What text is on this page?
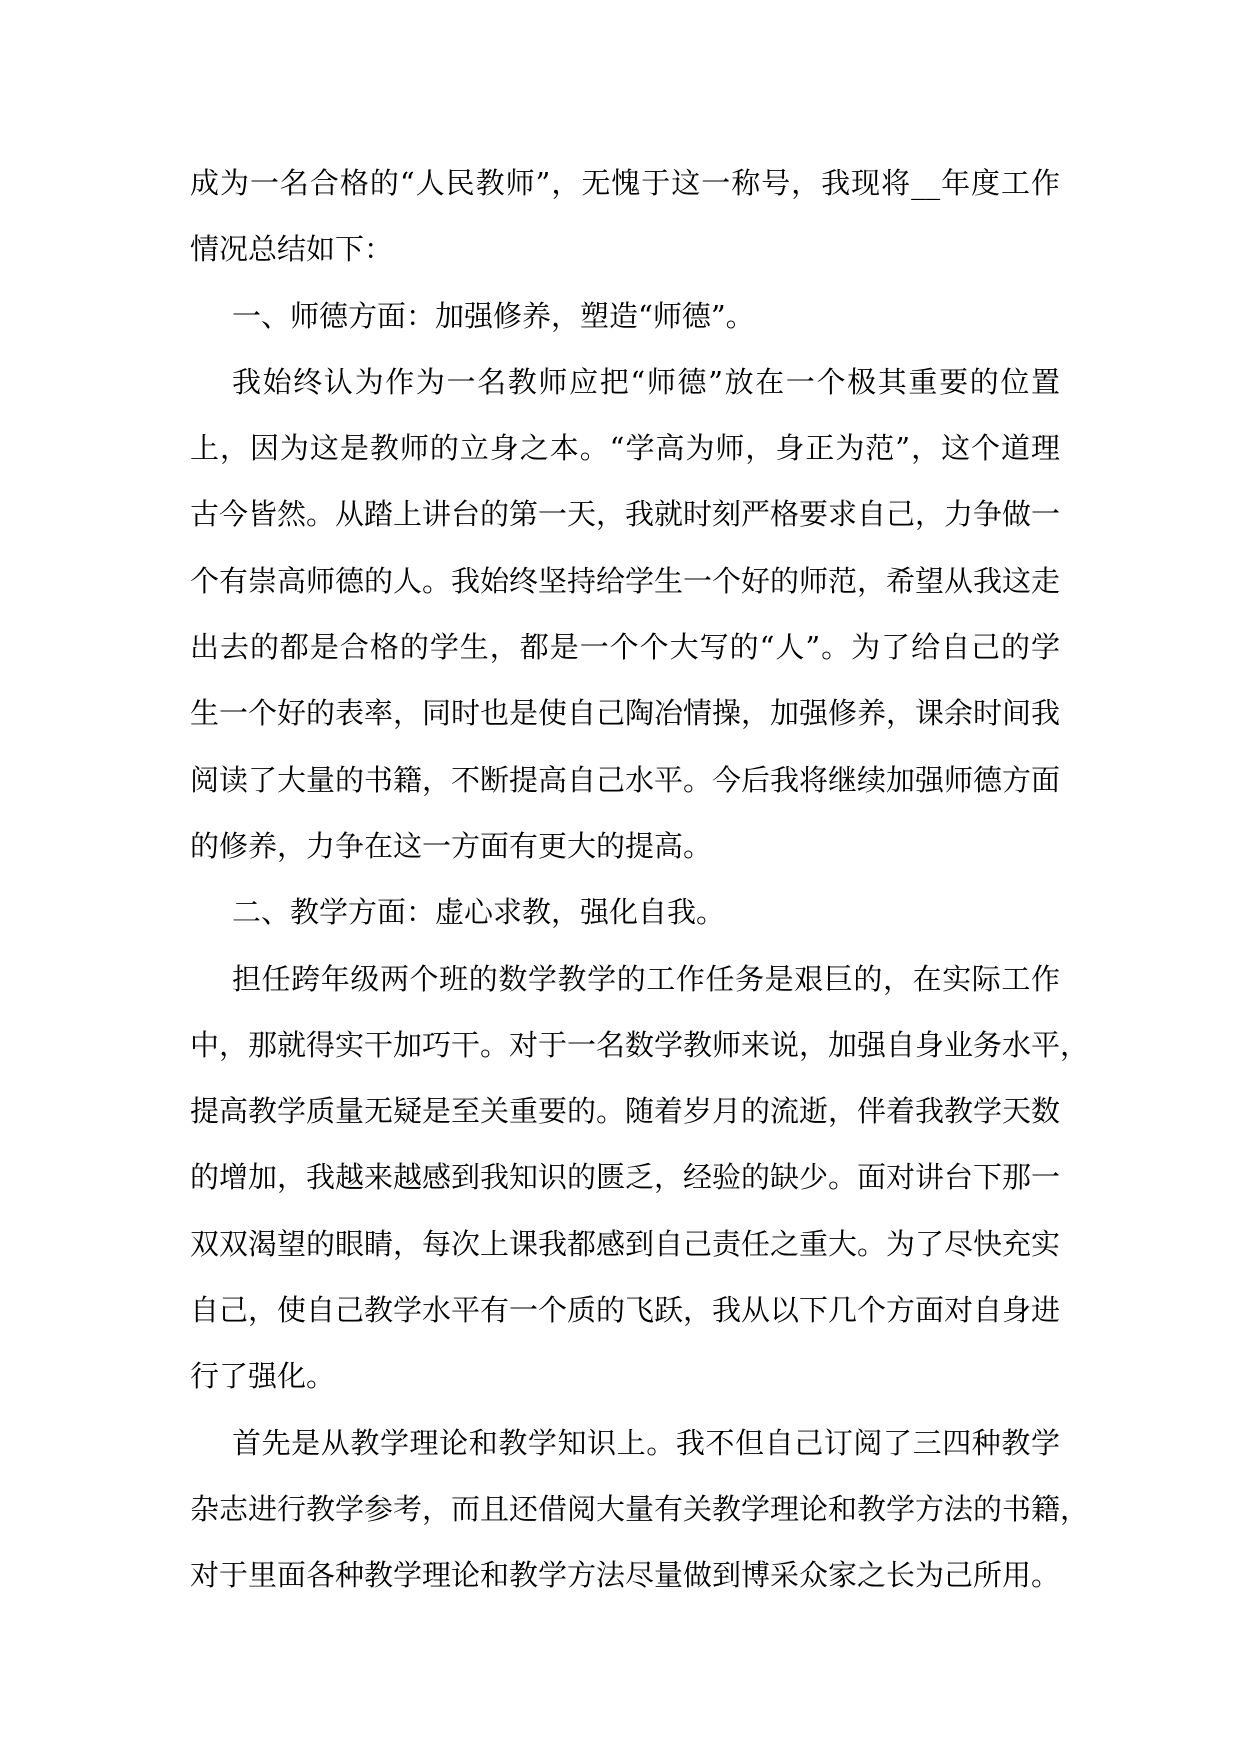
成为一名合格的“人民教师”，无愧于这一称号，我现将__年度工作
情况总结如下：
一、师德方面：加强修养，塑造“师德”。
我始终认为作为一名教师应把“师德”放在一个极其重要的位置
上，因为这是教师的立身之本。“学高为师，身正为范”，这个道理
古今皆然。从踏上讲台的第一天，我就时刻严格要求自己，力争做一
个有崇高师德的人。我始终坚持给学生一个好的师范，希望从我这走
出去的都是合格的学生，都是一个个大写的“人”。为了给自己的学
生一个好的表率，同时也是使自己陶冶情操，加强修养，课余时间我
阅读了大量的书籍，不断提高自己水平。今后我将继续加强师德方面
的修养，力争在这一方面有更大的提高。
二、教学方面：虚心求教，强化自我。
担任跨年级两个班的数学教学的工作任务是艰巨的，在实际工作
中，那就得实干加巧干。对于一名数学教师来说，加强自身业务水平，
提高教学质量无疑是至关重要的。随着岁月的流逝，伴着我教学天数
的增加，我越来越感到我知识的匮乏，经验的缺少。面对讲台下那一
双双渴望的眼睛，每次上课我都感到自己责任之重大。为了尽快充实
自己，使自己教学水平有一个质的飞跃，我从以下几个方面对自身进
行了强化。
首先是从教学理论和教学知识上。我不但自己订阅了三四种教学
杂志进行教学参考，而且还借阅大量有关教学理论和教学方法的书籍，
对于里面各种教学理论和教学方法尽量做到博采众家之长为己所用。
